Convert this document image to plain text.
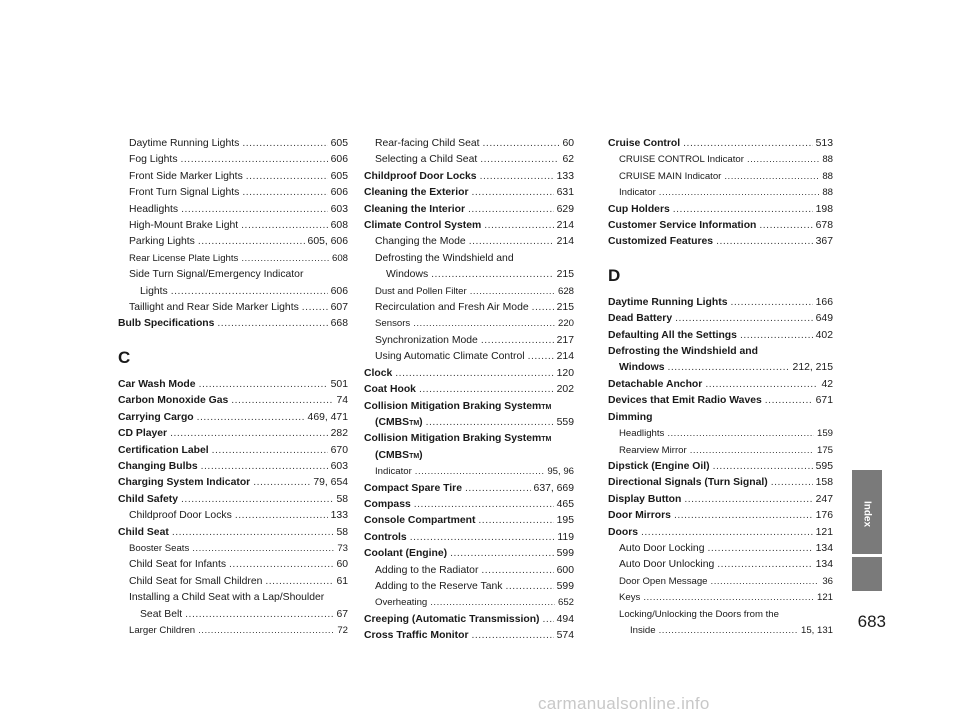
Daytime Running Lights .....	605
Fog Lights .....	606
Front Side Marker Lights .....	605
Front Turn Signal Lights .....	606
Headlights .....	603
High-Mount Brake Light .....	608
Parking Lights .....	605, 606
Rear License Plate Lights .....	608
Side Turn Signal/Emergency Indicator
Lights .....	606
Taillight and Rear Side Marker Lights .....	607
Bulb Specifications .....	668
C
Car Wash Mode .....	501
Carbon Monoxide Gas .....	74
Carrying Cargo .....	469, 471
CD Player .....	282
Certification Label .....	670
Changing Bulbs .....	603
Charging System Indicator .....	79, 654
Child Safety .....	58
Childproof Door Locks .....	133
Child Seat .....	58
Booster Seats .....	73
Child Seat for Infants .....	60
Child Seat for Small Children .....	61
Installing a Child Seat with a Lap/Shoulder
Seat Belt .....	67
Larger Children .....	72
Rear-facing Child Seat .....	60
Selecting a Child Seat .....	62
Childproof Door Locks .....	133
Cleaning the Exterior .....	631
Cleaning the Interior .....	629
Climate Control System .....	214
Changing the Mode .....	214
Defrosting the Windshield and
Windows .....	215
Dust and Pollen Filter .....	628
Recirculation and Fresh Air Mode .....	215
Sensors .....	220
Synchronization Mode .....	217
Using Automatic Climate Control .....	214
Clock .....	120
Coat Hook .....	202
Collision Mitigation Braking System TM
(CMBS TM ) .....	559
Collision Mitigation Braking System TM
(CMBS TM )
Indicator .....	95, 96
Compact Spare Tire .....	637, 669
Compass .....	465
Console Compartment .....	195
Controls .....	119
Coolant (Engine) .....	599
Adding to the Radiator .....	600
Adding to the Reserve Tank .....	599
Overheating .....	652
Creeping (Automatic Transmission) ..... 494
Cross Traffic Monitor .....	574
Cruise Control .....	513
CRUISE CONTROL Indicator .....	88
CRUISE MAIN Indicator .....	88
Indicator .....	88
Cup Holders .....	198
Customer Service Information .....	678
Customized Features .....	367
D
Daytime Running Lights .....	166
Dead Battery .....	649
Defaulting All the Settings .....	402
Defrosting the Windshield and
Windows .....	212, 215
Detachable Anchor .....	42
Devices that Emit Radio Waves .....	671
Dimming
Headlights .....	159
Rearview Mirror .....	175
Dipstick (Engine Oil) .....	595
Directional Signals (Turn Signal) .....	158
Display Button .....	247
Door Mirrors .....	176
Doors .....	121
Auto Door Locking .....	134
Auto Door Unlocking .....	134
Door Open Message .....	36
Keys .....	121
Locking/Unlocking the Doors from the
Inside .....	15, 131
Index
683
carmanualsonline.info
